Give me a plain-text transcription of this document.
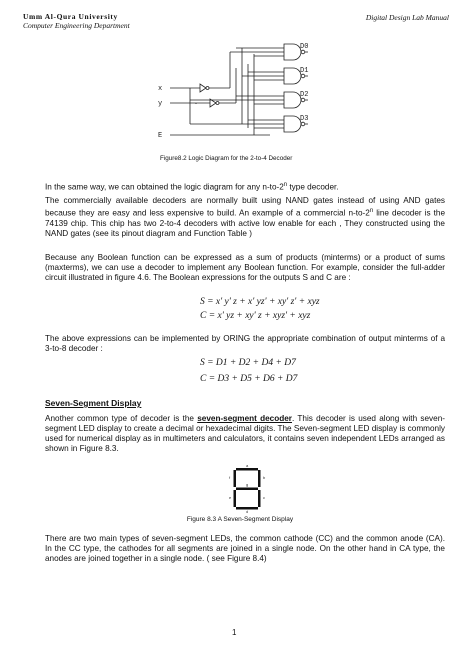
Umm Al-Qura University
Computer Engineering Department
Digital Design Lab Manual
x
y
E
D0
D1
D2
D3
Figure8.2 Logic Diagram for the 2-to-4 Decoder
In the same way, we can obtained the logic diagram for any n-to-2$^n$ type decoder.
The commercially available decoders are normally built using NAND gates instead of using AND gates because they are easy and less expensive to build. An example of a commercial n-to-2$^n$ line decoder is the 74139 chip. This chip has two 2-to-4 decoders with active low enable for each , They constructed using the NAND gates (see its pinout diagram and Function Table )
Because any Boolean function can be expressed as a sum of products (minterms) or a product of sums (maxterms), we can use a decoder to implement any Boolean function. For example, consider the full-adder circuit illustrated in figure 4.6. The Boolean expressions for the outputs S and C are :
S = x' y' z + x' yz' + xy' z' + xyz
C = x' yz + xy' z + xyz' + xyz
The above expressions can be implemented by ORING the appropriate combination of output minterms of a 3-to-8 decoder :
S = D1 + D2 + D4 + D7
C = D3 + D5 + D6 + D7
Seven-Segment Display
Another common type of decoder is the seven-segment decoder. This decoder is used along with seven-segment LED display to create a decimal or hexadecimal digits. The Seven-segment LED display is commonly used for numerical display as in multimeters and calculators, it contains seven independent LEDs arranged as shown in Figure 8.3.
a
b
c
d
e
f
g
Figure 8.3 A Seven-Segment Display
There are two main types of seven-segment LEDs, the common cathode (CC) and the common anode (CA). In the CC type, the cathodes for all segments are joined in a single node. On the other hand in CA type, the anodes are joined together in a single node. ( see Figure 8.4)
1
